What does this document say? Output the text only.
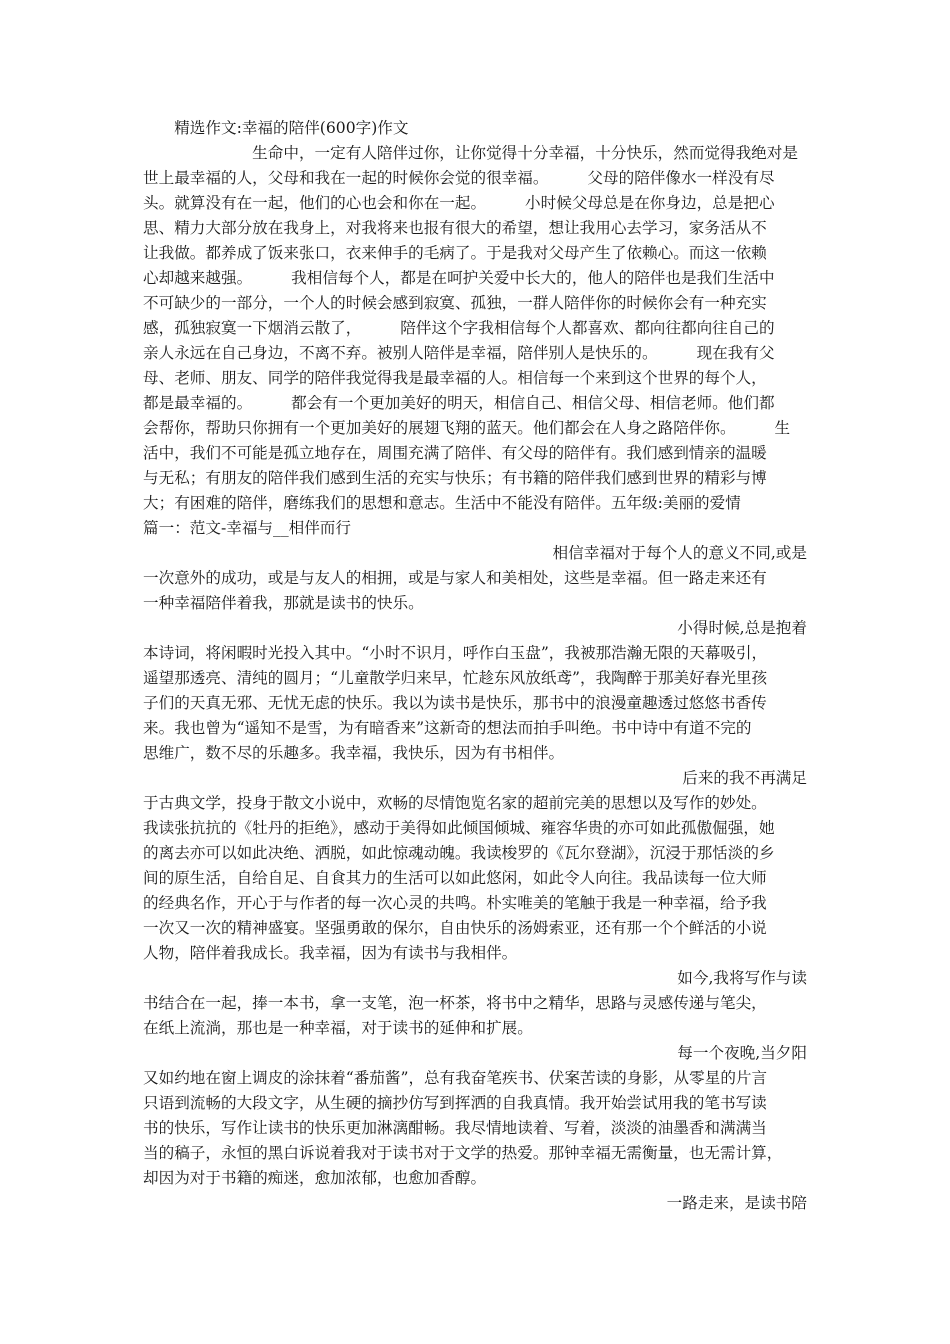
　　精选作文:幸福的陪伴(600字)作文
　　　　　　　生命中，一定有人陪伴过你，让你觉得十分幸福，十分快乐，然而觉得我绝对是
世上最幸福的人，父母和我在一起的时候你会觉的很幸福。　　　父母的陪伴像水一样没有尽
头。就算没有在一起，他们的心也会和你在一起。　　　小时候父母总是在你身边，总是把心
思、精力大部分放在我身上，对我将来也报有很大的希望，想让我用心去学习，家务活从不
让我做。都养成了饭来张口，衣来伸手的毛病了。于是我对父母产生了依赖心。而这一依赖
心却越来越强。　　　我相信每个人，都是在呵护关爱中长大的，他人的陪伴也是我们生活中
不可缺少的一部分，一个人的时候会感到寂寞、孤独，一群人陪伴你的时候你会有一种充实
感，孤独寂寞一下烟消云散了，　　　陪伴这个字我相信每个人都喜欢、都向往都向往自己的
亲人永远在自己身边，不离不弃。被别人陪伴是幸福，陪伴别人是快乐的。　　　现在我有父
母、老师、朋友、同学的陪伴我觉得我是最幸福的人。相信每一个来到这个世界的每个人，
都是最幸福的。　　　都会有一个更加美好的明天，相信自己、相信父母、相信老师。他们都
会帮你，帮助只你拥有一个更加美好的展翅飞翔的蓝天。他们都会在人身之路陪伴你。　　　生
活中，我们不可能是孤立地存在，周围充满了陪伴、有父母的陪伴有。我们感到情亲的温暖
与无私；有朋友的陪伴我们感到生活的充实与快乐；有书籍的陪伴我们感到世界的精彩与博
大；有困难的陪伴，磨练我们的思想和意志。生活中不能没有陪伴。五年级:美丽的爱情
篇一：范文-幸福与__相伴而行
相信幸福对于每个人的意义不同,或是
一次意外的成功，或是与友人的相拥，或是与家人和美相处，这些是幸福。但一路走来还有
一种幸福陪伴着我，那就是读书的快乐。
小得时候,总是抱着
本诗词，将闲暇时光投入其中。“小时不识月，呼作白玉盘”，我被那浩瀚无限的天幕吸引，
遥望那透亮、清纯的圆月；“儿童散学归来早，忙趁东风放纸鸢”，我陶醉于那美好春光里孩
子们的天真无邪、无忧无虑的快乐。我以为读书是快乐，那书中的浪漫童趣透过悠悠书香传
来。我也曾为“遥知不是雪，为有暗香来”这新奇的想法而拍手叫绝。书中诗中有道不完的
思维广，数不尽的乐趣多。我幸福，我快乐，因为有书相伴。
后来的我不再满足
于古典文学，投身于散文小说中，欢畅的尽情饱览名家的超前完美的思想以及写作的妙处。
我读张抗抗的《牡丹的拒绝》，感动于美得如此倾国倾城、雍容华贵的亦可如此孤傲倔强，她
的离去亦可以如此决绝、洒脱，如此惊魂动魄。我读梭罗的《瓦尔登湖》，沉浸于那恬淡的乡
间的原生活，自给自足、自食其力的生活可以如此悠闲，如此令人向往。我品读每一位大师
的经典名作，开心于与作者的每一次心灵的共鸣。朴实唯美的笔触于我是一种幸福，给予我
一次又一次的精神盛宴。坚强勇敢的保尔，自由快乐的汤姆索亚，还有那一个个鲜活的小说
人物，陪伴着我成长。我幸福，因为有读书与我相伴。
如今,我将写作与读
书结合在一起，捧一本书，拿一支笔，泡一杯茶，将书中之精华，思路与灵感传递与笔尖，
在纸上流淌，那也是一种幸福，对于读书的延伸和扩展。
每一个夜晚,当夕阳
又如约地在窗上调皮的涂抹着“番茄酱”，总有我奋笔疾书、伏案苦读的身影，从零星的片言
只语到流畅的大段文字，从生硬的摘抄仿写到挥洒的自我真情。我开始尝试用我的笔书写读
书的快乐，写作让读书的快乐更加淋漓酣畅。我尽情地读着、写着，淡淡的油墨香和满满当
当的稿子，永恒的黑白诉说着我对于读书对于文学的热爱。那钟幸福无需衡量，也无需计算，
却因为对于书籍的痴迷，愈加浓郁，也愈加香醇。
一路走来，是读书陪
